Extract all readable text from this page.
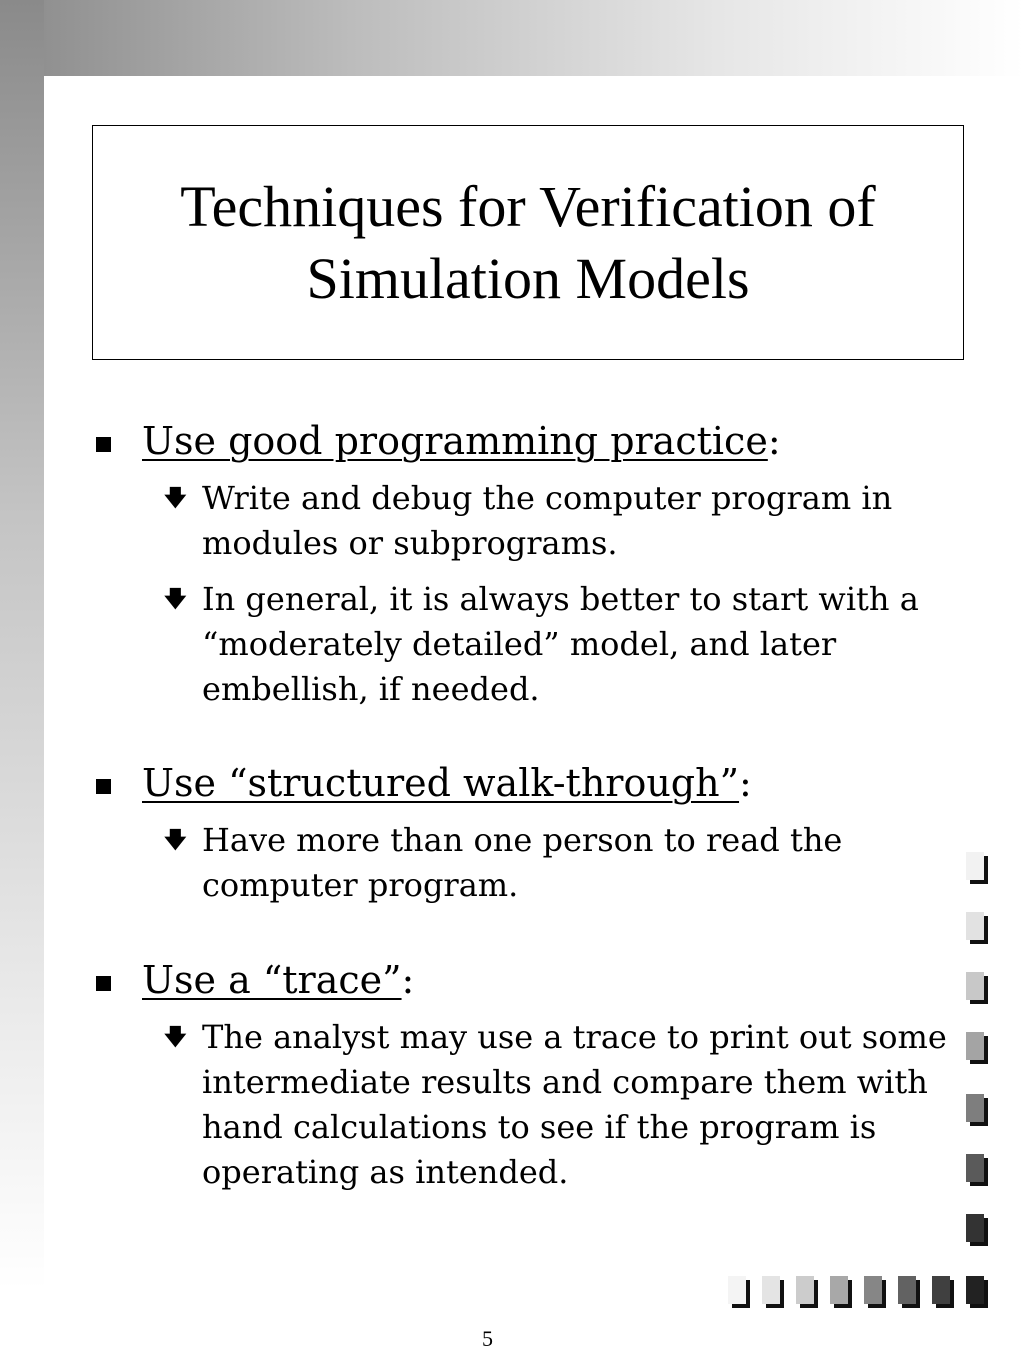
Techniques for Verification of Simulation Models
Use good programming practice:
🡇 Write and debug the computer program in modules or subprograms.
🡇 In general, it is always better to start with a “moderately detailed” model, and later embellish, if needed.
Use “structured walk-through”:
🡇 Have more than one person to read the computer program.
Use a “trace”:
🡇 The analyst may use a trace to print out some intermediate results and compare them with hand calculations to see if the program is operating as intended.
5
